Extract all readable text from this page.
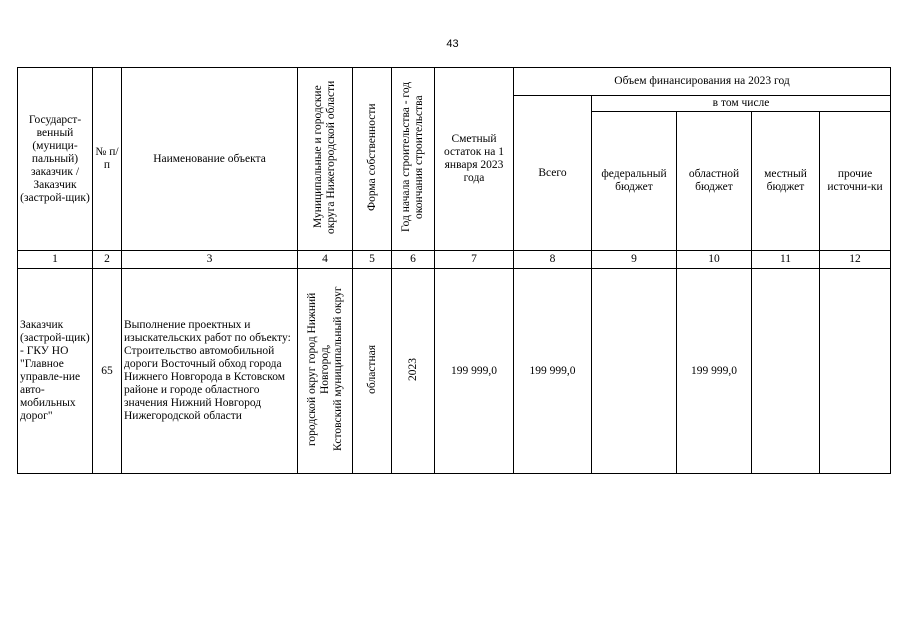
43
Государст-венный (муници-пальный) заказчик / Заказчик (застрой-щик)	№ п/п	Наименование объекта	Муниципальные и городские округа Нижегородской области	Форма собственности	Год начала строительства - год окончания строительства	Сметный остаток на 1 января 2023 года	Объем финансирования на 2023 год				
							Всего	в том числе			
								федеральный бюджет	областной бюджет	местный бюджет	прочие источни-ки
1	2	3	4	5	6	7	8	9	10	11	12
Заказчик (застрой-щик) - ГКУ НО "Главное управле-ние авто-мобильных дорог"	65	Выполнение проектных и изыскательских работ по объекту: Строительство автомобильной дороги Восточный обход города Нижнего Новгорода в Кстовском районе и городе областного значения Нижний Новгород Нижегородской области	городской округ город Нижний Новгород,
Кстовский муниципальный округ	областная	2023	199 999,0	199 999,0		199 999,0		
